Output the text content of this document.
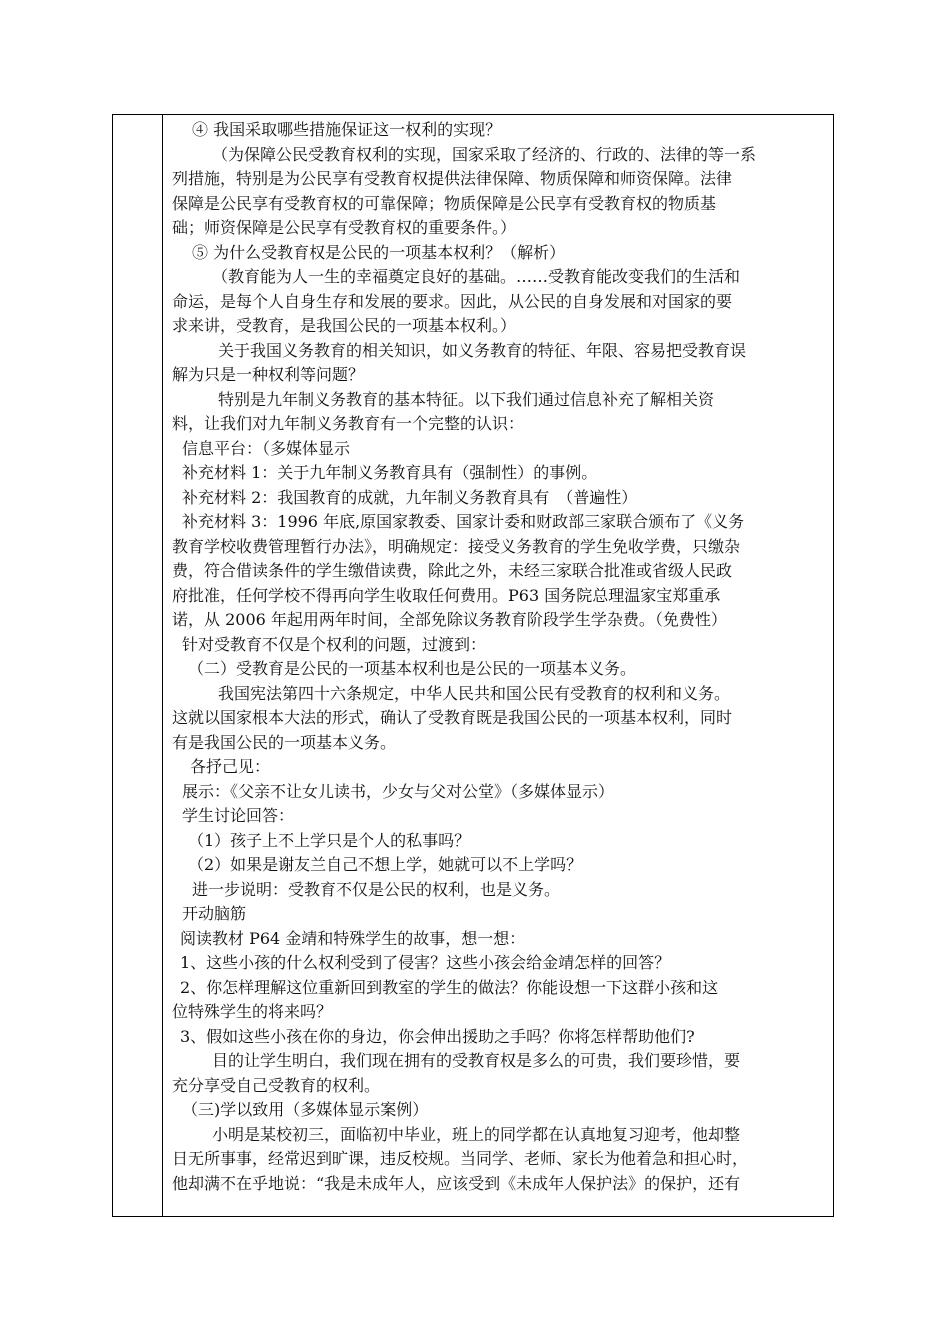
④ 我国采取哪些措施保证这一权利的实现？
（为保障公民受教育权利的实现，国家采取了经济的、行政的、法律的等一系
列措施，特别是为公民享有受教育权提供法律保障、物质保障和师资保障。法律
保障是公民享有受教育权的可靠保障；物质保障是公民享有受教育权的物质基
础；师资保障是公民享有受教育权的重要条件。）
⑤ 为什么受教育权是公民的一项基本权利？（解析）
（教育能为人一生的幸福奠定良好的基础。……受教育能改变我们的生活和
命运，是每个人自身生存和发展的要求。因此，从公民的自身发展和对国家的要
求来讲，受教育，是我国公民的一项基本权利。）
关于我国义务教育的相关知识，如义务教育的特征、年限、容易把受教育误
解为只是一种权利等问题？
特别是九年制义务教育的基本特征。以下我们通过信息补充了解相关资
料，让我们对九年制义务教育有一个完整的认识：
信息平台：（多媒体显示
补充材料 1：关于九年制义务教育具有（强制性）的事例。
补充材料 2：我国教育的成就，九年制义务教育具有　（普遍性）
补充材料 3：1996 年底,原国家教委、国家计委和财政部三家联合颁布了《义务
教育学校收费管理暂行办法》，明确规定：接受义务教育的学生免收学费，只缴杂
费，符合借读条件的学生缴借读费，除此之外，未经三家联合批准或省级人民政
府批准，任何学校不得再向学生收取任何费用。P63 国务院总理温家宝郑重承
诺，从 2006 年起用两年时间，全部免除议务教育阶段学生学杂费。（免费性）
针对受教育不仅是个权利的问题，过渡到：
（二）受教育是公民的一项基本权利也是公民的一项基本义务。
我国宪法第四十六条规定，中华人民共和国公民有受教育的权利和义务。
这就以国家根本大法的形式，确认了受教育既是我国公民的一项基本权利，同时
有是我国公民的一项基本义务。
各抒己见：
展示：《父亲不让女儿读书，少女与父对公堂》（多媒体显示）
学生讨论回答：
（1）孩子上不上学只是个人的私事吗？
（2）如果是谢友兰自己不想上学，她就可以不上学吗？
进一步说明：受教育不仅是公民的权利，也是义务。
开动脑筋
阅读教材 P64 金靖和特殊学生的故事，想一想：
1、这些小孩的什么权利受到了侵害？这些小孩会给金靖怎样的回答？
2、你怎样理解这位重新回到教室的学生的做法？你能设想一下这群小孩和这
位特殊学生的将来吗？
3、假如这些小孩在你的身边，你会伸出援助之手吗？你将怎样帮助他们?
目的让学生明白，我们现在拥有的受教育权是多么的可贵，我们要珍惜，要
充分享受自己受教育的权利。
（三)学以致用（多媒体显示案例）
小明是某校初三，面临初中毕业，班上的同学都在认真地复习迎考，他却整
日无所事事，经常迟到旷课，违反校规。当同学、老师、家长为他着急和担心时，
他却满不在乎地说：“我是未成年人，应该受到《未成年人保护法》的保护，还有
